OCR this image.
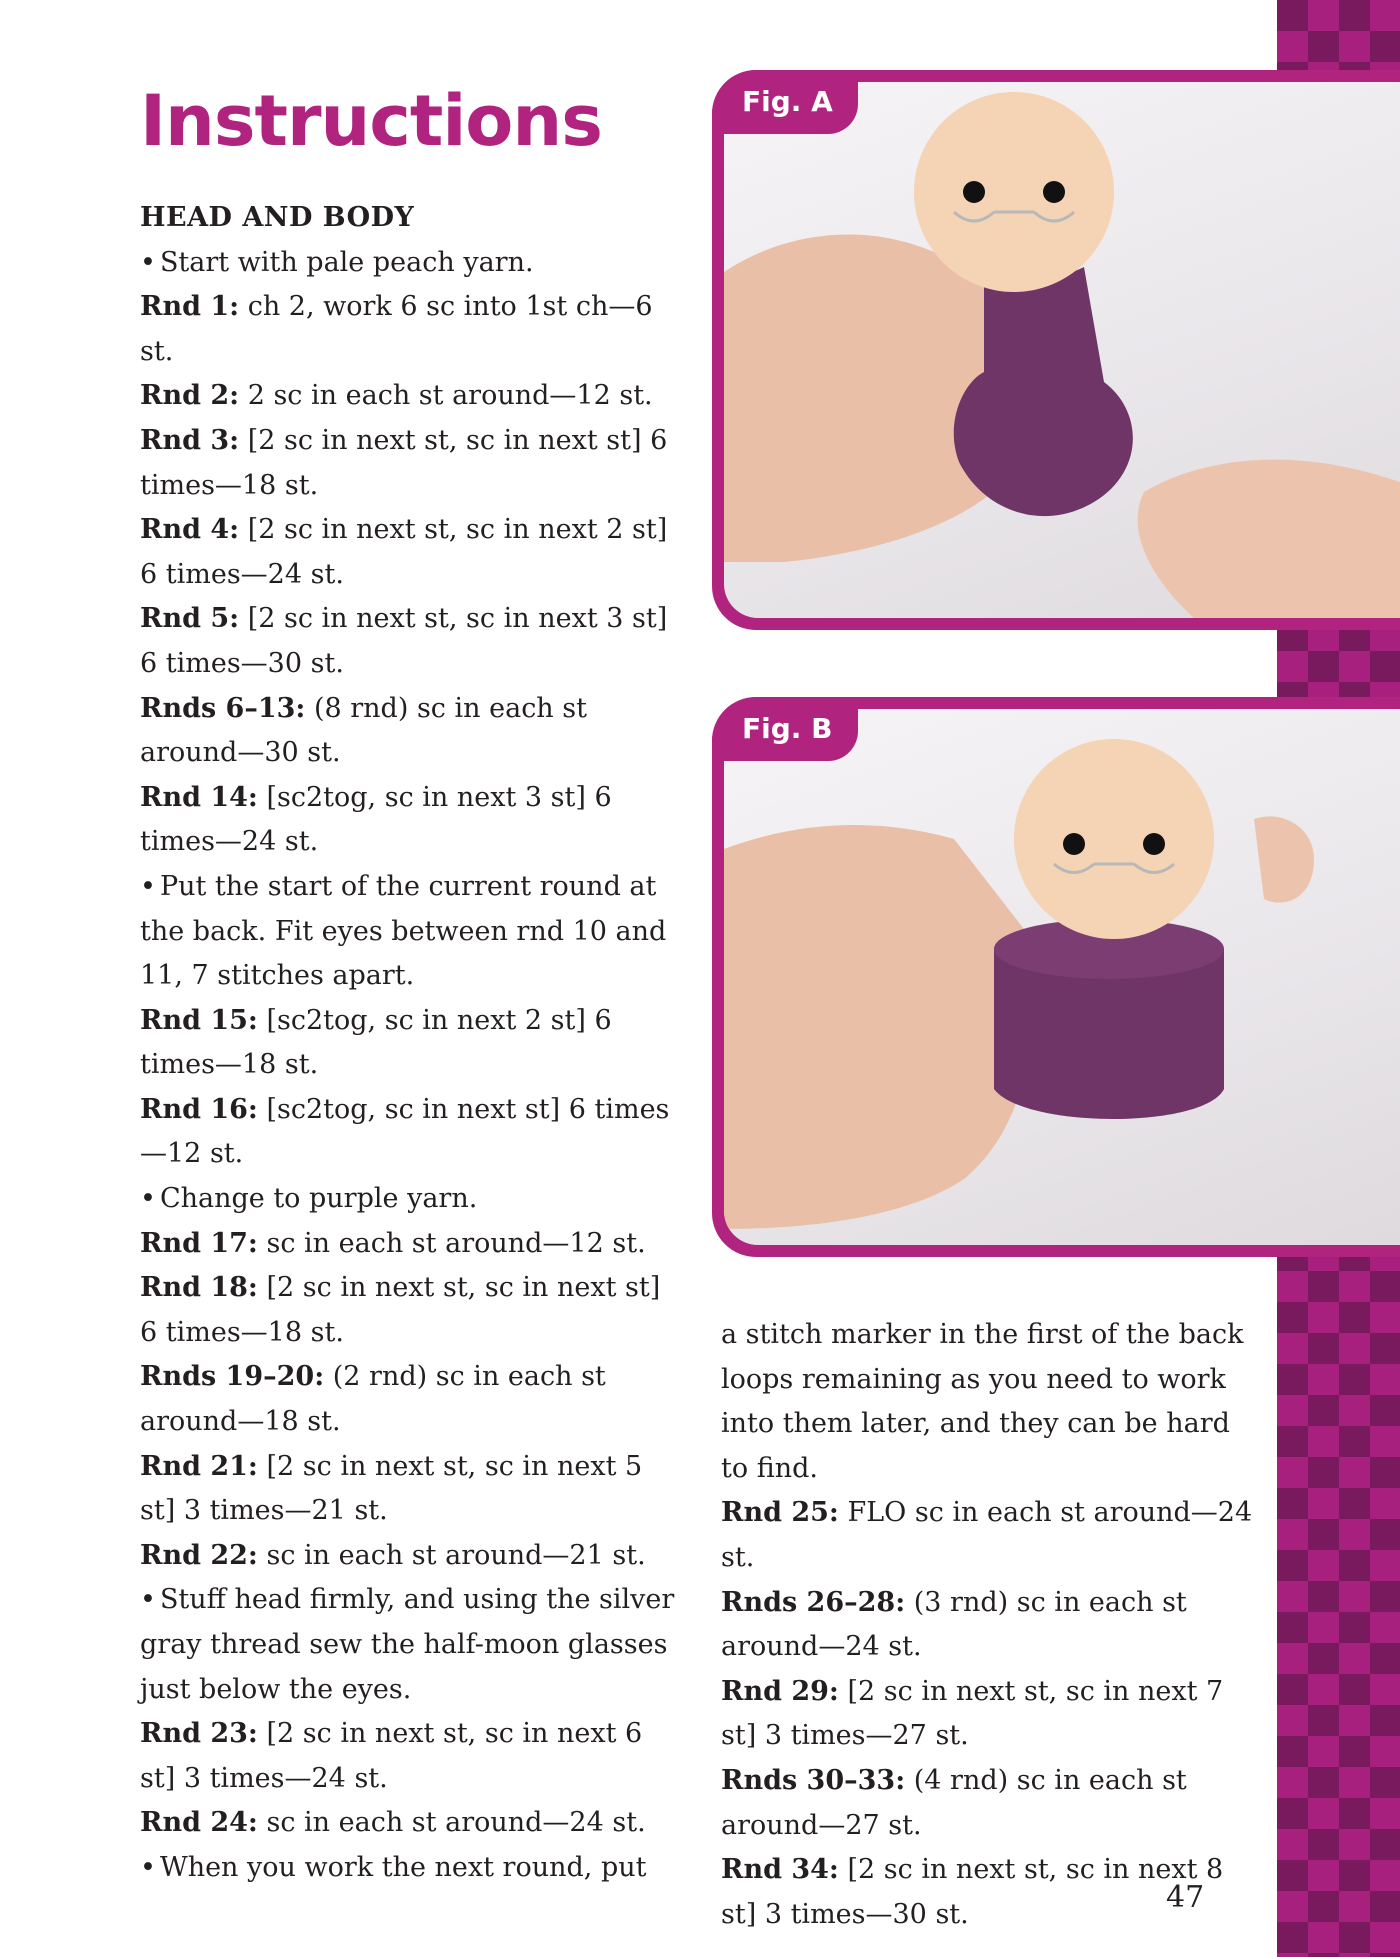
Instructions

HEAD AND BODY

• Start with pale peach yarn.

Rnd 1: ch 2, work 6 sc into 1st ch—6 st.

Rnd 2: 2 sc in each st around—12 st.

Rnd 3: [2 sc in next st, sc in next st] 6 times—18 st.

Rnd 4: [2 sc in next st, sc in next 2 st] 6 times—24 st.

Rnd 5: [2 sc in next st, sc in next 3 st] 6 times—30 st.

Rnds 6–13: (8 rnd) sc in each st around—30 st.

Rnd 14: [sc2tog, sc in next 3 st] 6 times—24 st.

• Put the start of the current round at the back. Fit eyes between rnd 10 and 11, 7 stitches apart.

Rnd 15: [sc2tog, sc in next 2 st] 6 times—18 st.

Rnd 16: [sc2tog, sc in next st] 6 times—12 st.

• Change to purple yarn.

Rnd 17: sc in each st around—12 st.

Rnd 18: [2 sc in next st, sc in next st] 6 times—18 st.

Rnds 19–20: (2 rnd) sc in each st around—18 st.

Rnd 21: [2 sc in next st, sc in next 5 st] 3 times—21 st.

Rnd 22: sc in each st around—21 st.

• Stuff head firmly, and using the silver gray thread sew the half-moon glasses just below the eyes.

Rnd 23: [2 sc in next st, sc in next 6 st] 3 times—24 st.

Rnd 24: sc in each st around—24 st.

• When you work the next round, put

a stitch marker in the first of the back loops remaining as you need to work into them later, and they can be hard to find.

Rnd 25: FLO sc in each st around—24 st.

Rnds 26–28: (3 rnd) sc in each st around—24 st.

Rnd 29: [2 sc in next st, sc in next 7 st] 3 times—27 st.

Rnds 30–33: (4 rnd) sc in each st around—27 st.

Rnd 34: [2 sc in next st, sc in next 8 st] 3 times—30 st.

Fig. A
Fig. B
47
